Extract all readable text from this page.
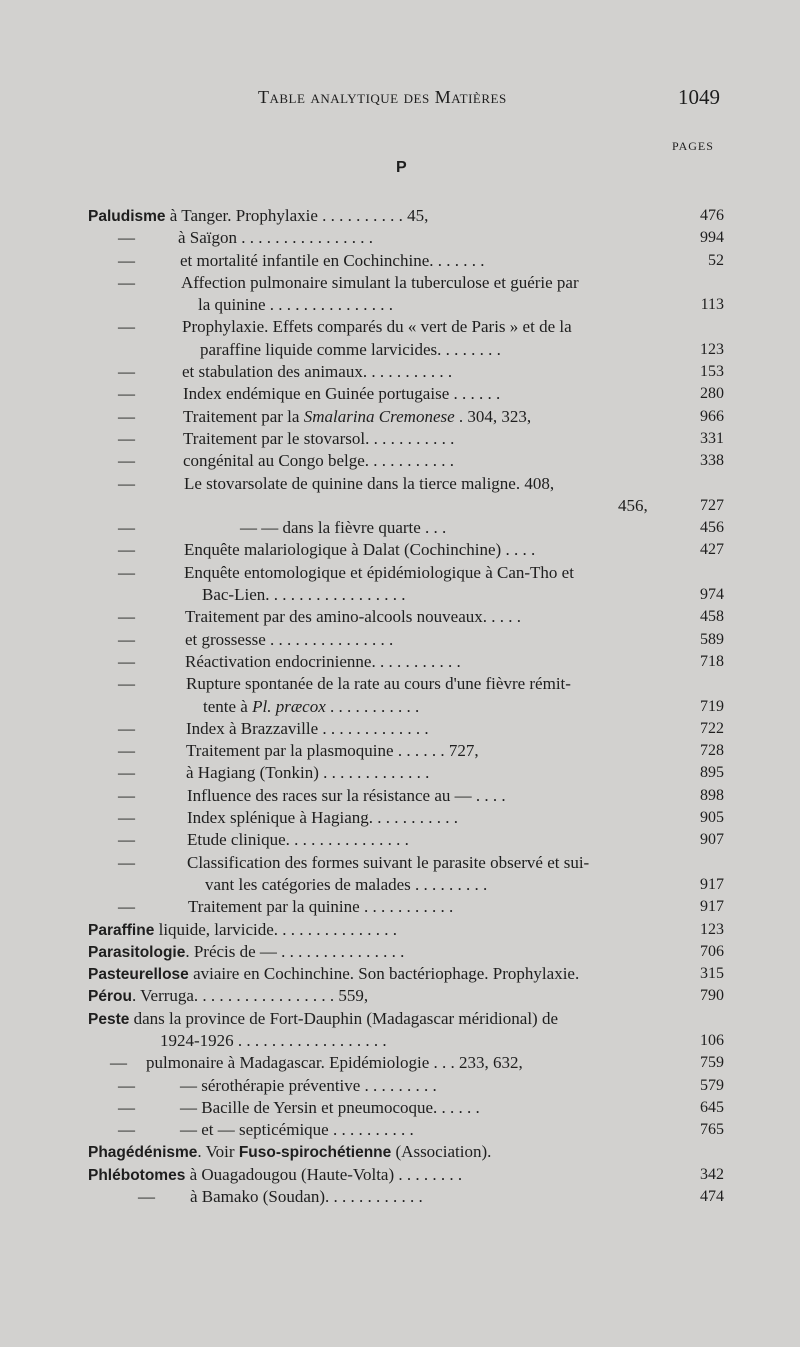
Table analytique des Matières	1049
PAGES
P
Paludisme à Tanger. Prophylaxie . . . . . . . . . . 45,	476
—	à Saïgon . . . . . . . . . . . . . . . .	994
—	et mortalité infantile en Cochinchine. . . . . . .	52
—	Affection pulmonaire simulant la tuberculose et guérie par
la quinine . . . . . . . . . . . . . . .	113
—	Prophylaxie. Effets comparés du « vert de Paris » et de la
paraffine liquide comme larvicides. . . . . . . .	123
—	et stabulation des animaux. . . . . . . . . . .	153
—	Index endémique en Guinée portugaise . . . . . .	280
—	Traitement par la Smalarina Cremonese . 304, 323,	966
—	Traitement par le stovarsol. . . . . . . . . . .	331
—	congénital au Congo belge. . . . . . . . . . .	338
—	Le stovarsolate de quinine dans la tierce maligne. 408,
456,	727
—	— — dans la fièvre quarte . . .	456
—	Enquête malariologique à Dalat (Cochinchine) . . . .	427
—	Enquête entomologique et épidémiologique à Can-Tho et
Bac-Lien. . . . . . . . . . . . . . . . .	974
—	Traitement par des amino-alcools nouveaux. . . . .	458
—	et grossesse . . . . . . . . . . . . . . .	589
—	Réactivation endocrinienne. . . . . . . . . . .	718
—	Rupture spontanée de la rate au cours d'une fièvre rémit-
tente à Pl. præcox . . . . . . . . . . .	719
—	Index à Brazzaville . . . . . . . . . . . . .	722
—	Traitement par la plasmoquine . . . . . . 727,	728
—	à Hagiang (Tonkin) . . . . . . . . . . . . .	895
—	Influence des races sur la résistance au — . . . .	898
—	Index splénique à Hagiang. . . . . . . . . . .	905
—	Etude clinique. . . . . . . . . . . . . . .	907
—	Classification des formes suivant le parasite observé et sui-
vant les catégories de malades . . . . . . . . .	917
—	Traitement par la quinine . . . . . . . . . . .	917
Paraffine liquide, larvicide. . . . . . . . . . . . . . .	123
Parasitologie. Précis de — . . . . . . . . . . . . . . .	706
Pasteurellose aviaire en Cochinchine. Son bactériophage. Prophylaxie.	315
Pérou. Verruga. . . . . . . . . . . . . . . . . 559,	790
Peste dans la province de Fort-Dauphin (Madagascar méridional) de
1924-1926 . . . . . . . . . . . . . . . . . .	106
— pulmonaire à Madagascar. Epidémiologie . . . 233, 632,	759
—	— sérothérapie préventive . . . . . . . . .	579
—	— Bacille de Yersin et pneumocoque. . . . . .	645
—	— et — septicémique . . . . . . . . . .	765
Phagédénisme. Voir Fuso-spirochétienne (Association).
Phlébotomes à Ouagadougou (Haute-Volta) . . . . . . . .	342
— à Bamako (Soudan). . . . . . . . . . . .	474
